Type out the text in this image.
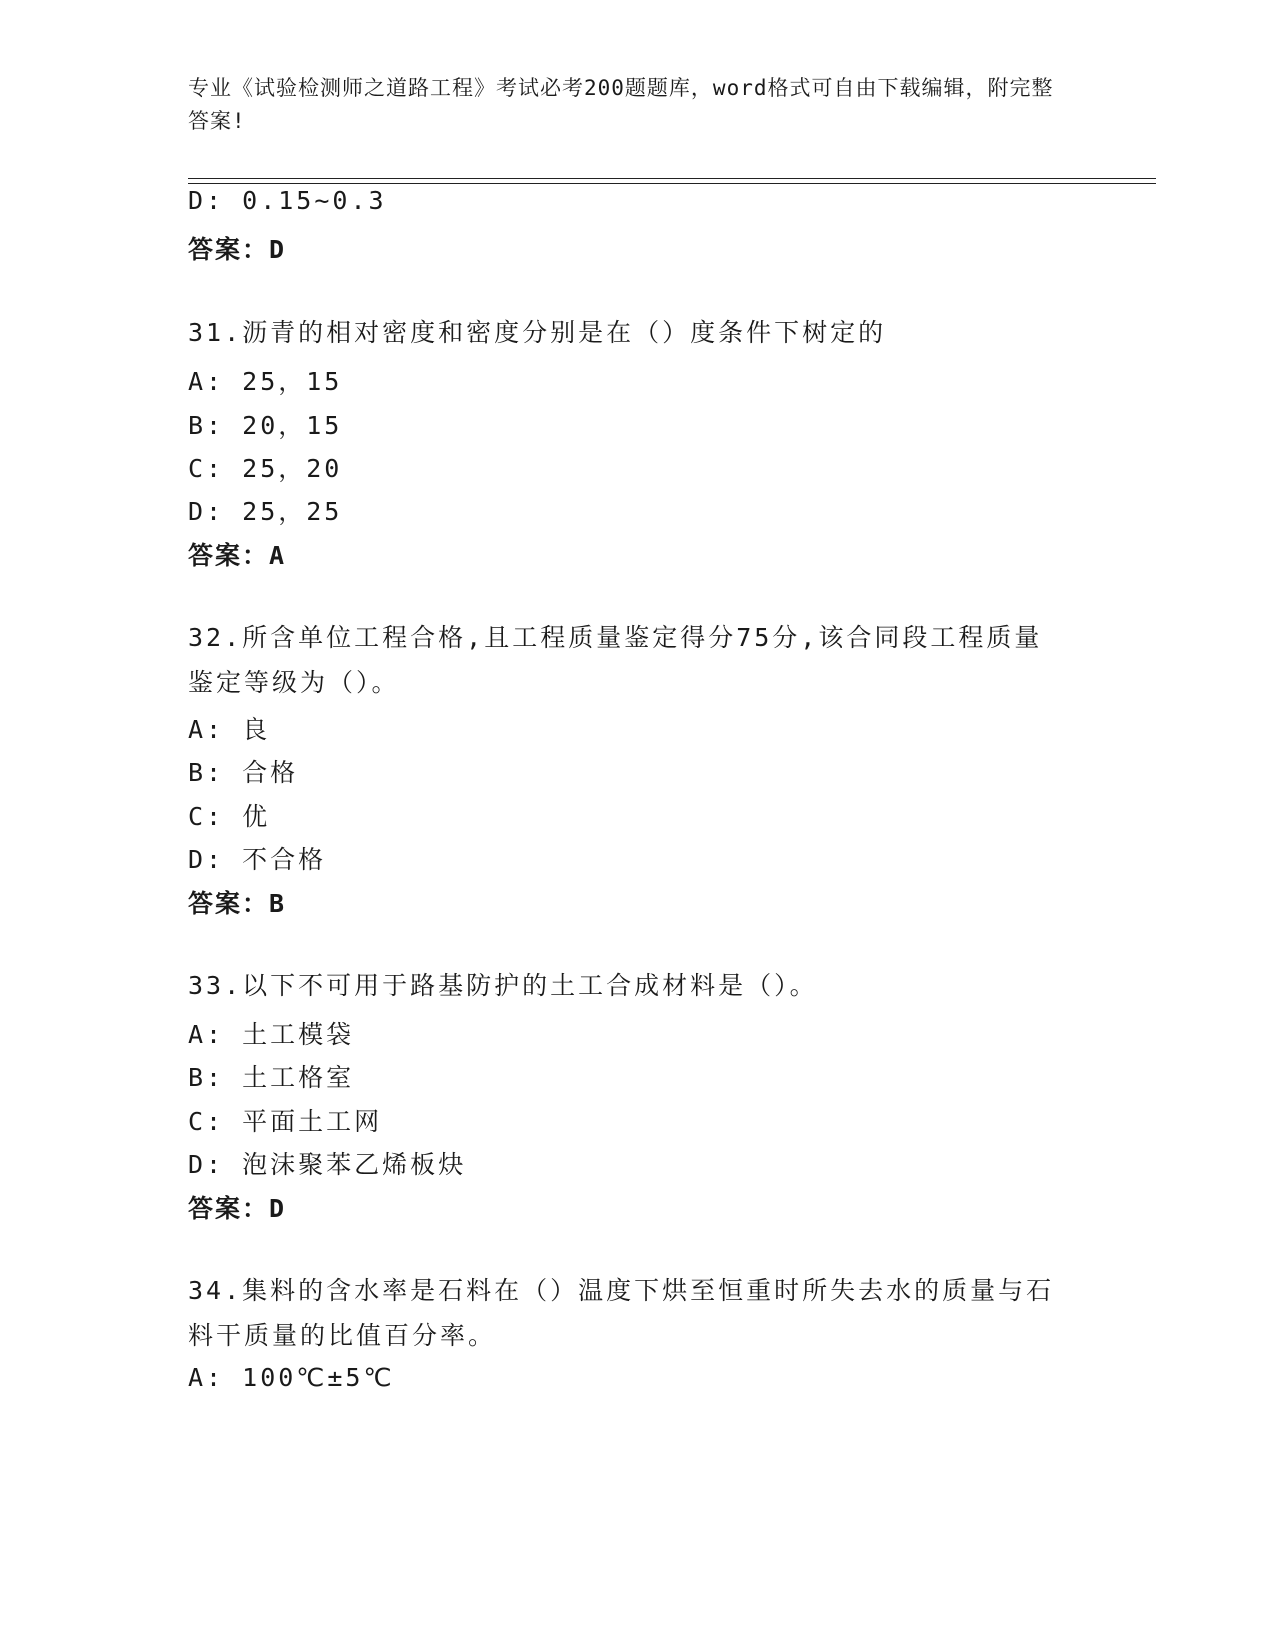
专业《试验检测师之道路工程》考试必考200题题库，word格式可自由下载编辑，附完整答案!
D: 0.15~0.3
答案：D
31.沥青的相对密度和密度分别是在（）度条件下树定的
A: 25，15
B: 20，15
C: 25，20
D: 25，25
答案：A
32.所含单位工程合格,且工程质量鉴定得分75分,该合同段工程质量鉴定等级为（）。
A: 良
B: 合格
C: 优
D: 不合格
答案：B
33.以下不可用于路基防护的土工合成材料是（）。
A: 土工模袋
B: 土工格室
C: 平面土工网
D: 泡沫聚苯乙烯板炔
答案：D
34.集料的含水率是石料在（）温度下烘至恒重时所失去水的质量与石料干质量的比值百分率。
A: 100℃±5℃
